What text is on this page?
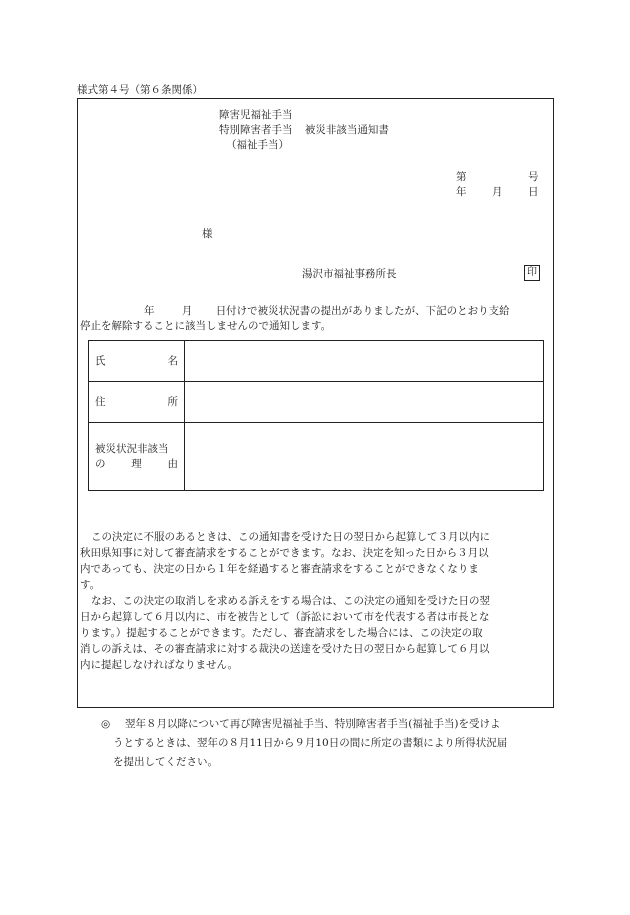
様式第４号（第６条関係）
障害児福祉手当
特別障害者手当 被災非該当通知書
（福祉手当）
第	号
年 月 日
様
湯沢市福祉事務所長	印
年	月 日付けで被災状況書の提出がありましたが、下記のとおり支給
停止を解除することに該当しませんので通知します。
氏 名	

住 所	

被災状況非該当
の 理 由	

この決定に不服のあるときは、この通知書を受けた日の翌日から起算して３月以内に
秋田県知事に対して審査請求をすることができます。なお、決定を知った日から３月以
内であっても、決定の日から１年を経過すると審査請求をすることができなくなりま
す。
なお、この決定の取消しを求める訴えをする場合は、この決定の通知を受けた日の翌
日から起算して６月以内に、市を被告として（訴訟において市を代表する者は市長とな
ります。）提起することができます。ただし、審査請求をした場合には、この決定の取
消しの訴えは、その審査請求に対する裁決の送達を受けた日の翌日から起算して６月以
内に提起しなければなりません。
◎ 翌年８月以降について再び障害児福祉手当、特別障害者手当(福祉手当)を受けよ
うとするときは、翌年の８月11日から９月10日の間に所定の書類により所得状況届
を提出してください。
